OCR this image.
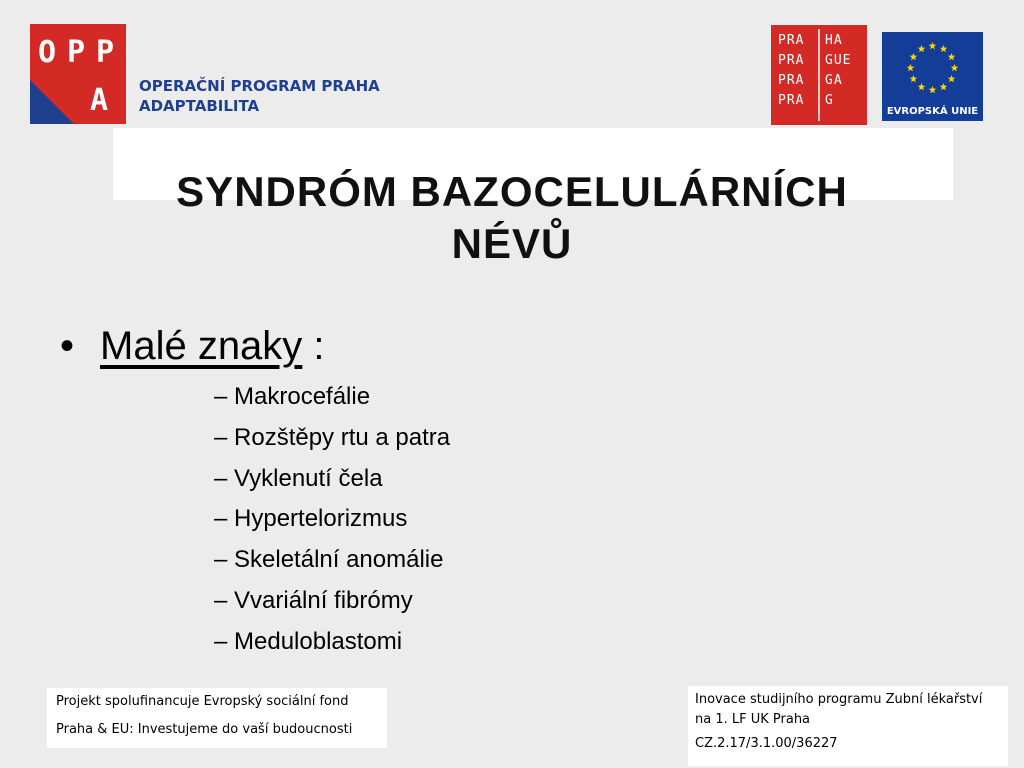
O P P
A OPERAČNÍ PROGRAM PRAHA
ADAPTABILITA
PRA
PRA
PRA
PRA
HA
GUE
GA
G
EVROPSKÁ UNIE
SYNDRÓM BAZOCELULÁRNÍCH
NÉVŮ
• Malé znaky :
– Makrocefálie
– Rozštěpy rtu a patra
– Vyklenutí čela
– Hypertelorizmus
– Skeletální anomálie
– Vvariální fibrómy
– Meduloblastomi
Projekt spolufinancuje Evropský sociální fond
Praha & EU: Investujeme do vaší budoucnosti
Inovace studijního programu Zubní lékařství
na 1. LF UK Praha
CZ.2.17/3.1.00/36227
